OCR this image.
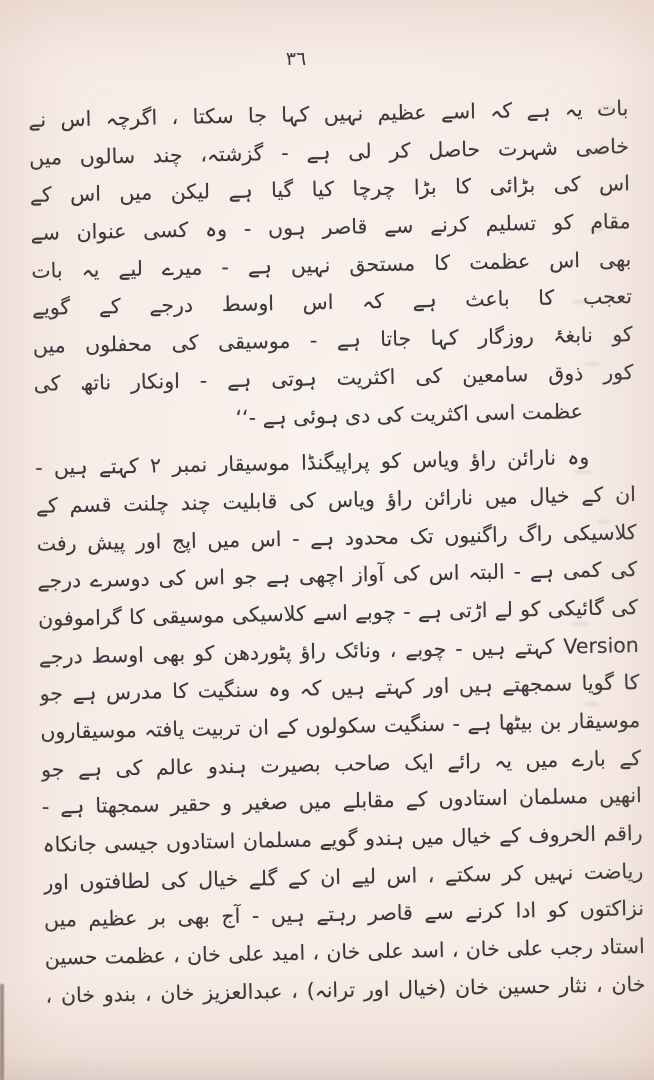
٣٦
بات یہ ہے کہ اسے عظیم نہیں کہا جا سکتا ، اگرچہ اس نے
خاصی شہرت حاصل کر لی ہے - گزشتہ، چند سالوں میں
اس کی بڑائی کا بڑا چرچا کیا گیا ہے لیکن میں اس کے
مقام کو تسلیم کرنے سے قاصر ہوں - وہ کسی عنوان سے
بھی اس عظمت کا مستحق نہیں ہے - میرے لیے یہ بات
تعجب کا باعث ہے کہ اس اوسط درجے کے گویے
کو نابغۂ روزگار کہا جاتا ہے - موسیقی کی محفلوں میں
کور ذوق سامعین کی اکثریت ہوتی ہے - اونکار ناتھ کی
عظمت اسی اکثریت کی دی ہوئی ہے -‘‘
وہ نارائن راؤ ویاس کو پراپیگنڈا موسیقار نمبر ٢ کہتے ہیں -
ان کے خیال میں نارائن راؤ ویاس کی قابلیت چند چلنت قسم کے
کلاسیکی راگ راگنیوں تک محدود ہے - اس میں اپج اور پیش رفت
کی کمی ہے - البتہ اس کی آواز اچھی ہے جو اس کی دوسرے درجے
کی گائیکی کو لے اڑتی ہے - چوبے اسے کلاسیکی موسیقی کا گراموفون
Version کہتے ہیں - چوبے ، ونائک راؤ پٹوردھن کو بھی اوسط درجے
کا گویا سمجھتے ہیں اور کہتے ہیں کہ وہ سنگیت کا مدرس ہے جو
موسیقار بن بیٹھا ہے - سنگیت سکولوں کے ان تربیت یافتہ موسیقاروں
کے بارے میں یہ رائے ایک صاحب بصیرت ہندو عالم کی ہے جو
انھیں مسلمان استادوں کے مقابلے میں صغیر و حقیر سمجھتا ہے -
راقم الحروف کے خیال میں ہندو گویے مسلمان استادوں جیسی جانکاہ
ریاضت نہیں کر سکتے ، اس لیے ان کے گلے خیال کی لطافتوں اور
نزاکتوں کو ادا کرنے سے قاصر رہتے ہیں - آج بھی بر عظیم میں
استاد رجب علی خان ، اسد علی خان ، امید علی خان ، عظمت حسین
خان ، نثار حسین خان (خیال اور ترانہ) ، عبدالعزیز خان ، بندو خان ،
